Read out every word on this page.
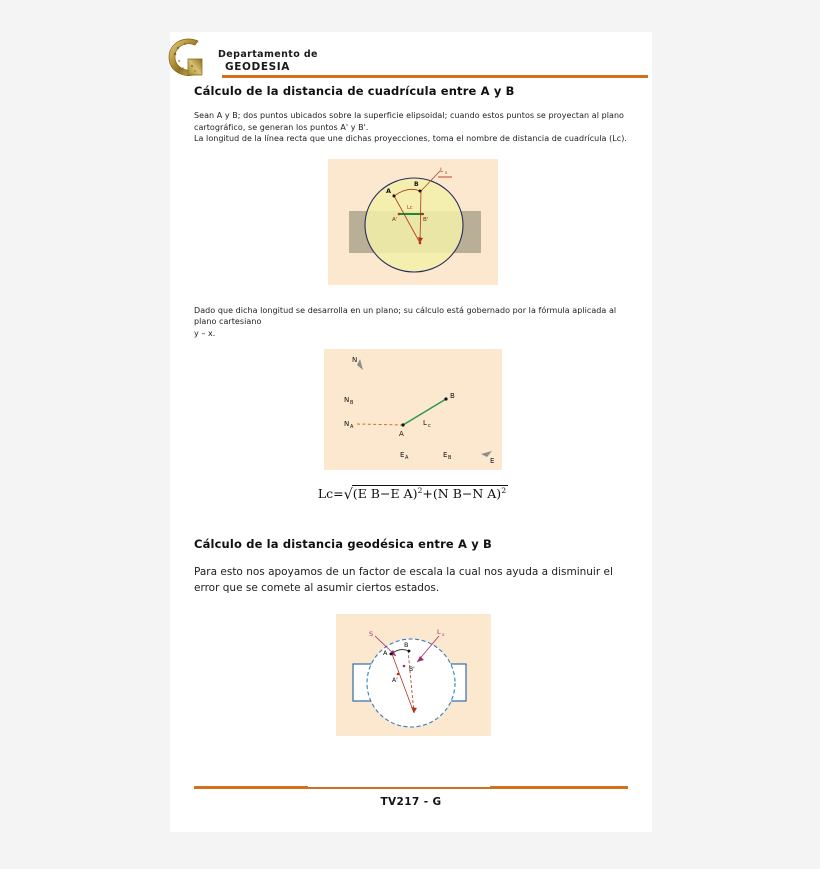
Departamento de
GEODESIA
Cálculo de la distancia de cuadrícula entre A y B

Sean A y B; dos puntos ubicados sobre la superficie elipsoidal; cuando estos puntos se proyectan al plano cartográfico, se generan los puntos A' y B'.

La longitud de la línea recta que une dichas proyecciones, toma el nombre de distancia de cuadrícula (Lc).

A
B
A'	B'
Lc
L s

Dado que dicha longitud se desarrolla en un plano; su cálculo está gobernado por la fórmula aplicada al plano cartesiano

y – x.

N
E
N B
N A
A
B
L c
E A	E B
Lc=√(E B−E A)$^2$+(N B−N A)$^2$
Cálculo de la distancia geodésica entre A y B

Para esto nos apoyamos de un factor de escala la cual nos ayuda a disminuir el error que se comete al asumir ciertos estados.

S	L s
A
B
B'
A'
TV217 - G
